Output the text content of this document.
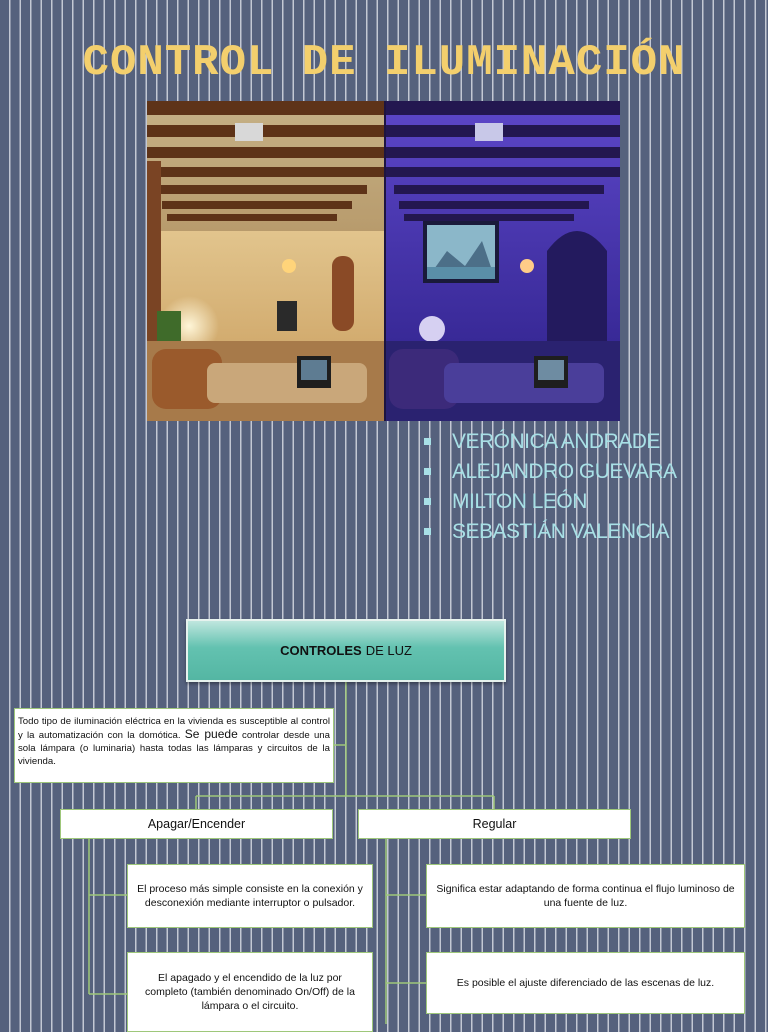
CONTROL DE ILUMINACIÓN
VERÓNICA ANDRADE
ALEJANDRO GUEVARA
MILTON LEÓN
SEBASTIÁN VALENCIA
CONTROLES DE LUZ
Todo tipo de iluminación eléctrica en la vivienda es susceptible al control y la automatización con la domótica. Se puede controlar desde una sola lámpara (o luminaria) hasta todas las lámparas y circuitos de la vivienda.
Apagar/Encender	Regular
El proceso más simple consiste en la conexión y desconexión mediante interruptor o pulsador.
El apagado y el encendido de la luz por completo (también denominado On/Off) de la lámpara o el circuito.
Significa estar adaptando de forma continua el flujo luminoso de una fuente de luz.
Es posible el ajuste diferenciado de las escenas de luz.
